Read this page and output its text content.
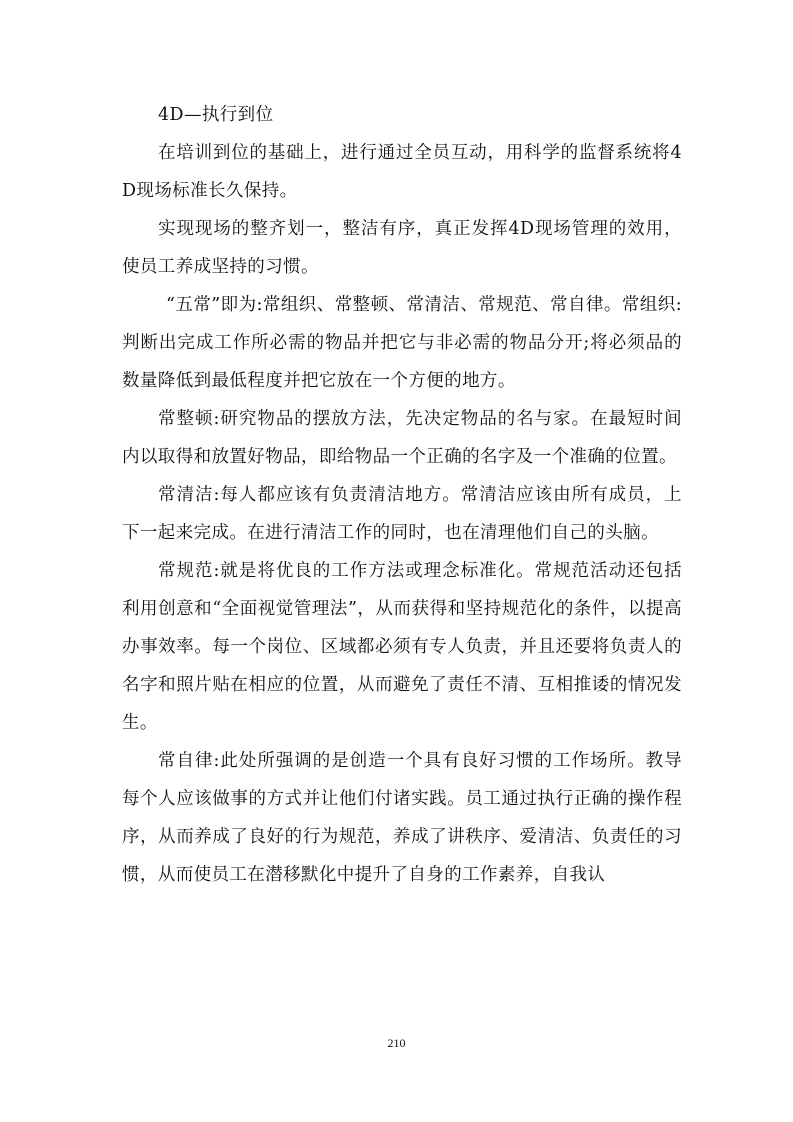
4D—执行到位

在培训到位的基础上，进行通过全员互动，用科学的监督系统将4D现场标准长久保持。

实现现场的整齐划一，整洁有序，真正发挥4D现场管理的效用，使员工养成坚持的习惯。

“五常”即为:常组织、常整顿、常清洁、常规范、常自律。常组织:判断出完成工作所必需的物品并把它与非必需的物品分开;将必须品的数量降低到最低程度并把它放在一个方便的地方。

常整顿:研究物品的摆放方法，先决定物品的名与家。在最短时间内以取得和放置好物品，即给物品一个正确的名字及一个准确的位置。

常清洁:每人都应该有负责清洁地方。常清洁应该由所有成员，上下一起来完成。在进行清洁工作的同时，也在清理他们自己的头脑。

常规范:就是将优良的工作方法或理念标准化。常规范活动还包括利用创意和“全面视觉管理法”，从而获得和坚持规范化的条件，以提高办事效率。每一个岗位、区域都必须有专人负责，并且还要将负责人的名字和照片贴在相应的位置，从而避免了责任不清、互相推诿的情况发生。

常自律:此处所强调的是创造一个具有良好习惯的工作场所。教导每个人应该做事的方式并让他们付诸实践。员工通过执行正确的操作程序，从而养成了良好的行为规范，养成了讲秩序、爱清洁、负责任的习惯，从而使员工在潜移默化中提升了自身的工作素养，自我认

210
